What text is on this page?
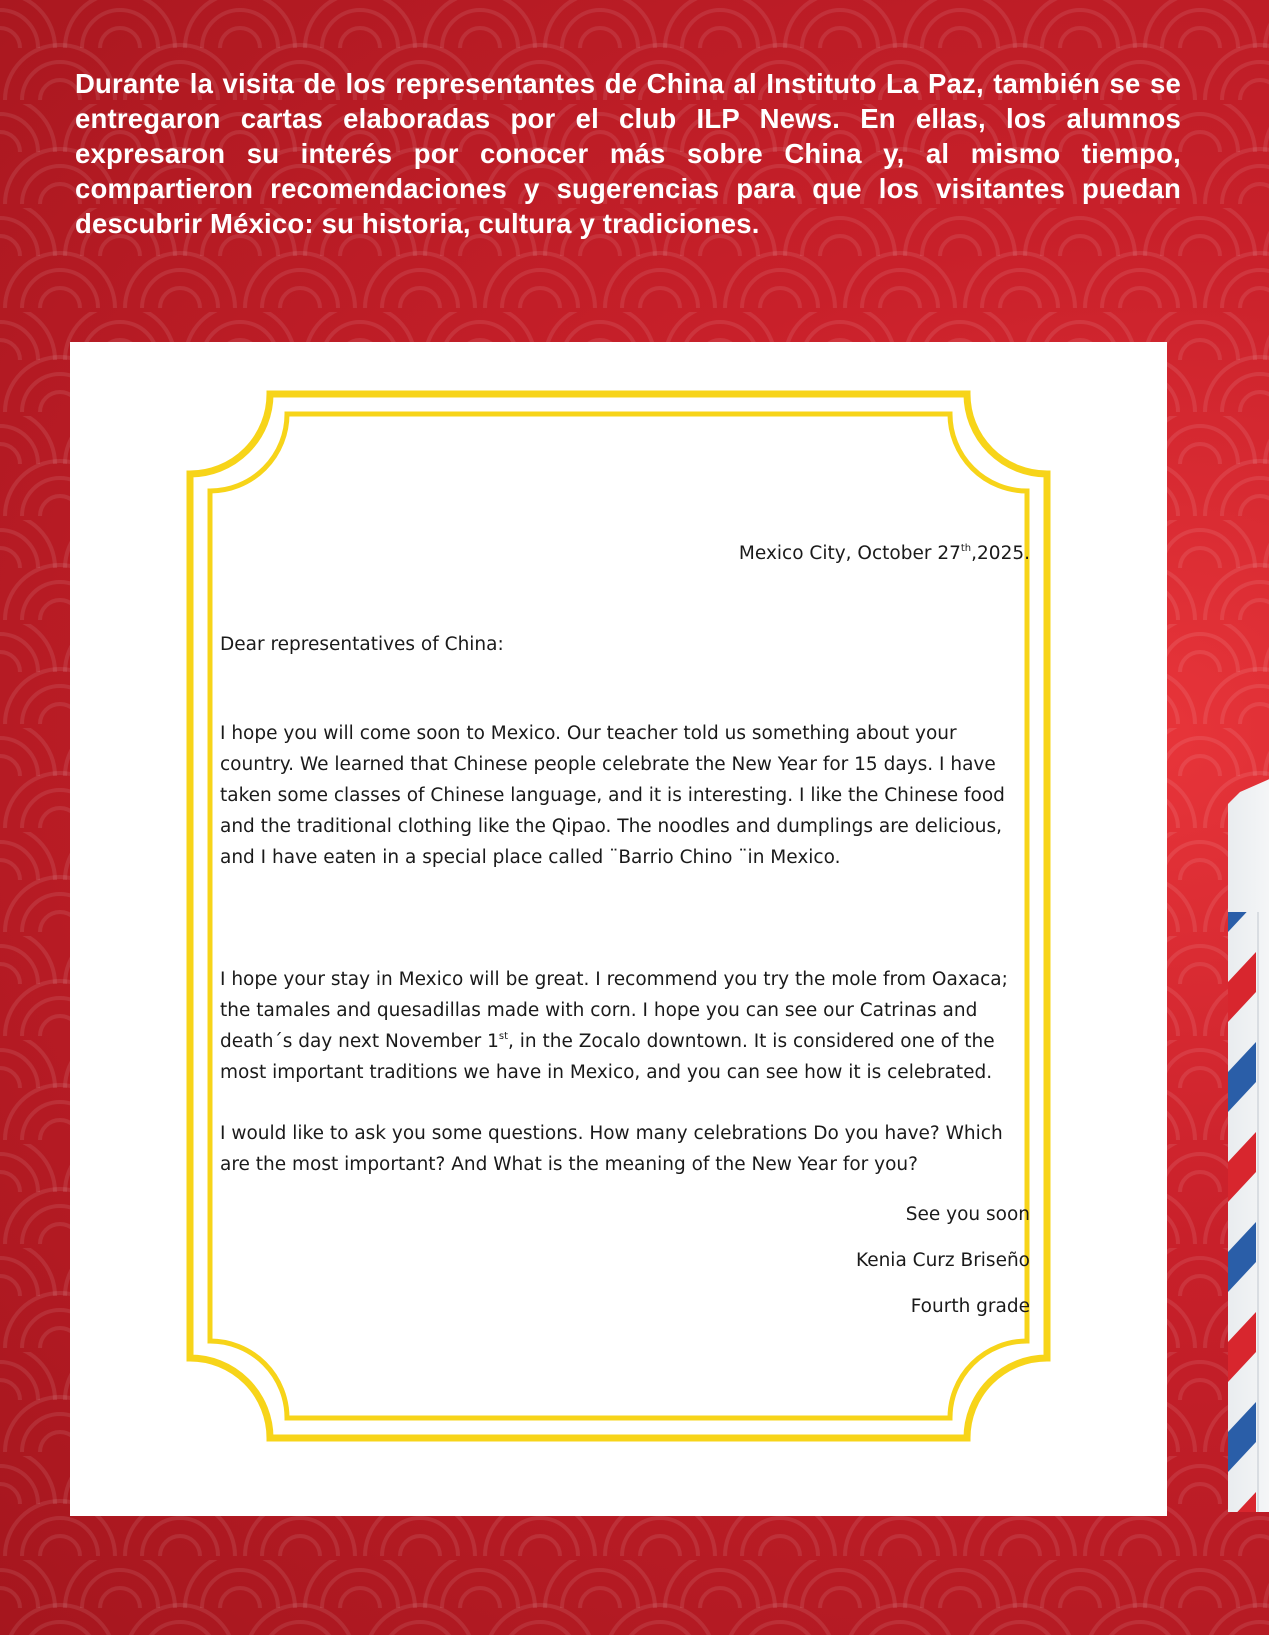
Durante la visita de los representantes de China al Instituto La Paz, también se se entregaron cartas elaboradas por el club ILP News. En ellas, los alumnos expresaron su interés por conocer más sobre China y, al mismo tiempo, compartieron recomendaciones y sugerencias para que los visitantes puedan descubrir México: su historia, cultura y tradiciones.

Mexico City, October 27th,2025.

Dear representatives of China:

I hope you will come soon to Mexico. Our teacher told us something about your
country. We learned that Chinese people celebrate the New Year for 15 days. I have
taken some classes of Chinese language, and it is interesting. I like the Chinese food
and the traditional clothing like the Qipao. The noodles and dumplings are delicious,
and I have eaten in a special place called ¨Barrio Chino ¨in Mexico.

I hope your stay in Mexico will be great. I recommend you try the mole from Oaxaca;
the tamales and quesadillas made with corn. I hope you can see our Catrinas and
death´s day next November 1st, in the Zocalo downtown. It is considered one of the
most important traditions we have in Mexico, and you can see how it is celebrated.

I would like to ask you some questions. How many celebrations Do you have? Which
are the most important? And What is the meaning of the New Year for you?

See you soon

Kenia Curz Briseño

Fourth grade
